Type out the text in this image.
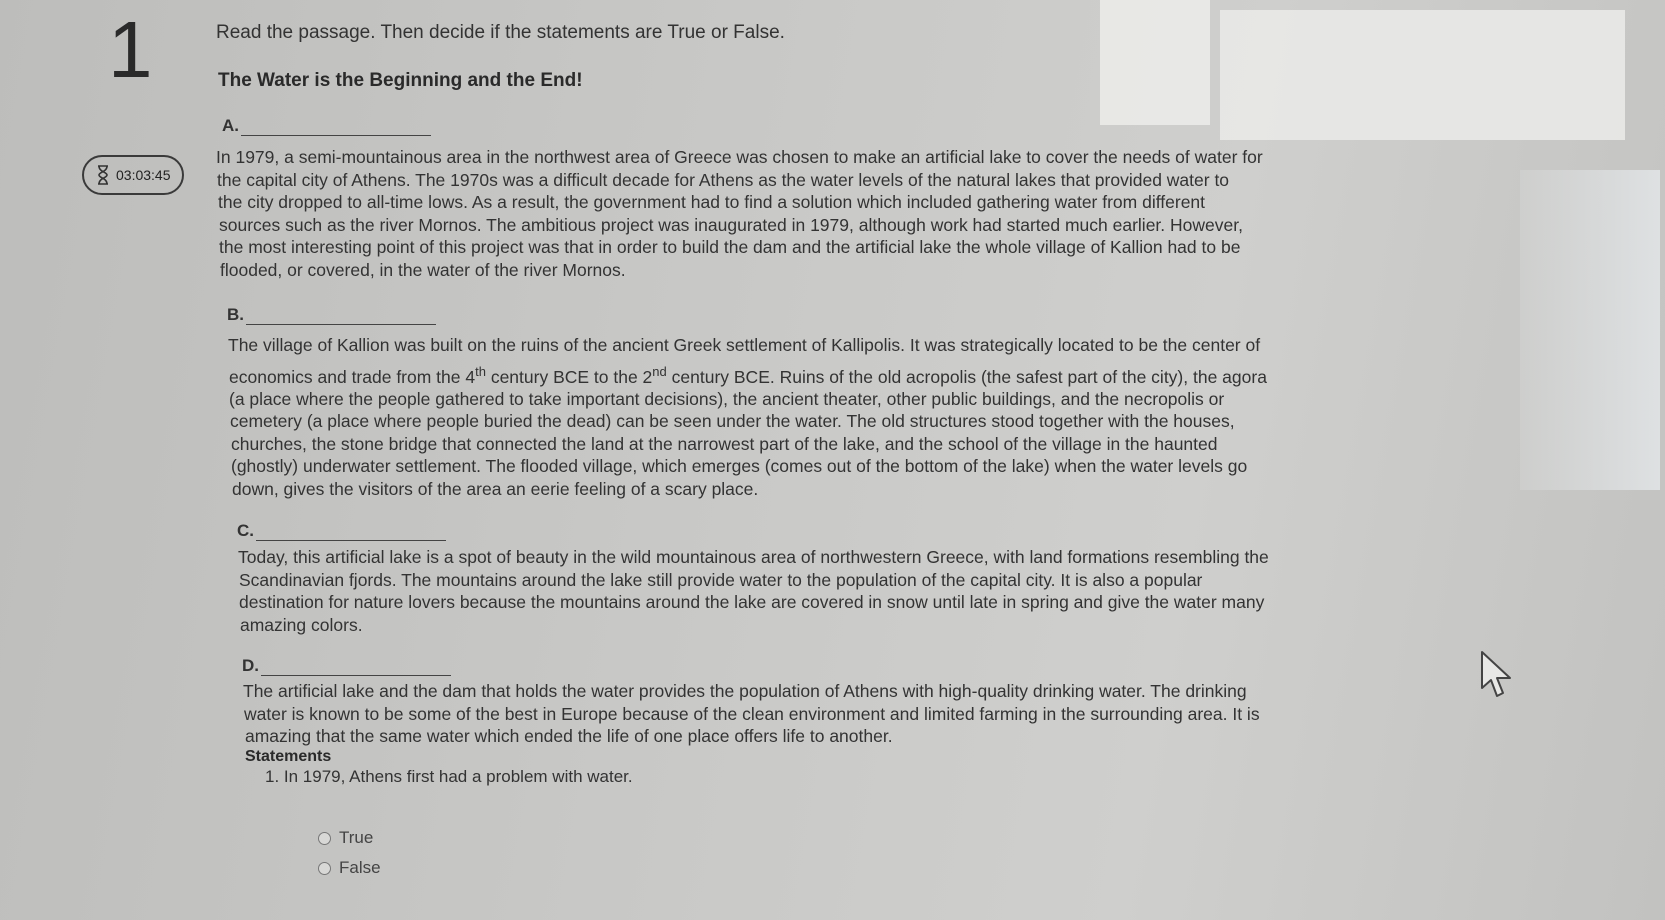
1
03:03:45
Read the passage. Then decide if the statements are True or False.
The Water is the Beginning and the End!
A.
In 1979, a semi-mountainous area in the northwest area of Greece was chosen to make an artificial lake to cover the needs of water for
the capital city of Athens. The 1970s was a difficult decade for Athens as the water levels of the natural lakes that provided water to
the city dropped to all-time lows. As a result, the government had to find a solution which included gathering water from different
sources such as the river Mornos. The ambitious project was inaugurated in 1979, although work had started much earlier. However,
the most interesting point of this project was that in order to build the dam and the artificial lake the whole village of Kallion had to be
flooded, or covered, in the water of the river Mornos.
B.
The village of Kallion was built on the ruins of the ancient Greek settlement of Kallipolis. It was strategically located to be the center of
economics and trade from the 4th century BCE to the 2nd century BCE. Ruins of the old acropolis (the safest part of the city), the agora
(a place where the people gathered to take important decisions), the ancient theater, other public buildings, and the necropolis or
cemetery (a place where people buried the dead) can be seen under the water. The old structures stood together with the houses,
churches, the stone bridge that connected the land at the narrowest part of the lake, and the school of the village in the haunted
(ghostly) underwater settlement. The flooded village, which emerges (comes out of the bottom of the lake) when the water levels go
down, gives the visitors of the area an eerie feeling of a scary place.
C.
Today, this artificial lake is a spot of beauty in the wild mountainous area of northwestern Greece, with land formations resembling the
Scandinavian fjords. The mountains around the lake still provide water to the population of the capital city. It is also a popular
destination for nature lovers because the mountains around the lake are covered in snow until late in spring and give the water many
amazing colors.
D.
The artificial lake and the dam that holds the water provides the population of Athens with high-quality drinking water. The drinking
water is known to be some of the best in Europe because of the clean environment and limited farming in the surrounding area. It is
amazing that the same water which ended the life of one place offers life to another.
Statements
1. In 1979, Athens first had a problem with water.
True
False
